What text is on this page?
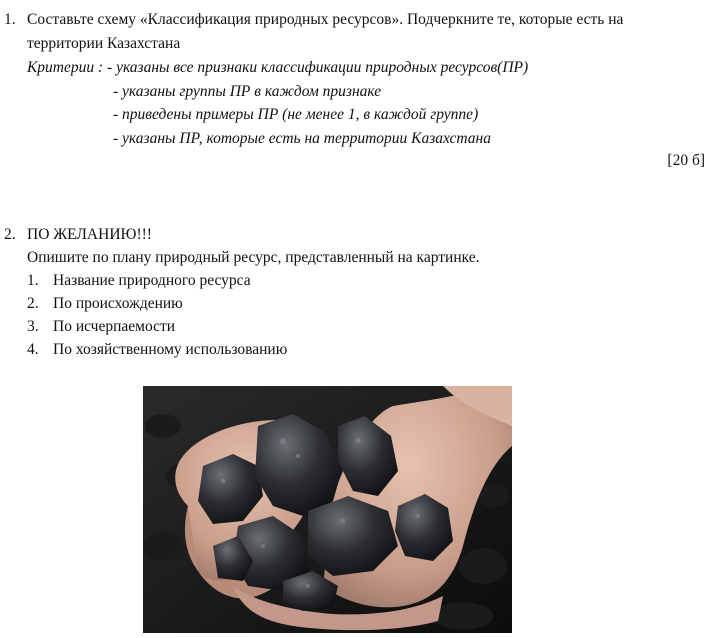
1. Составьте схему «Классификация природных ресурсов». Подчеркните те, которые есть на
территории Казахстана
Критерии : - указаны все признаки классификации природных ресурсов(ПР)
- указаны группы ПР в каждом признаке
- приведены примеры ПР (не менее 1, в каждой группе)
- указаны ПР, которые есть на территории Казахстана
[20 б]
2. ПО ЖЕЛАНИЮ!!!
Опишите по плану природный ресурс, представленный на картинке.
1. Название природного ресурса
2. По происхождению
3. По исчерпаемости
4. По хозяйственному использованию
